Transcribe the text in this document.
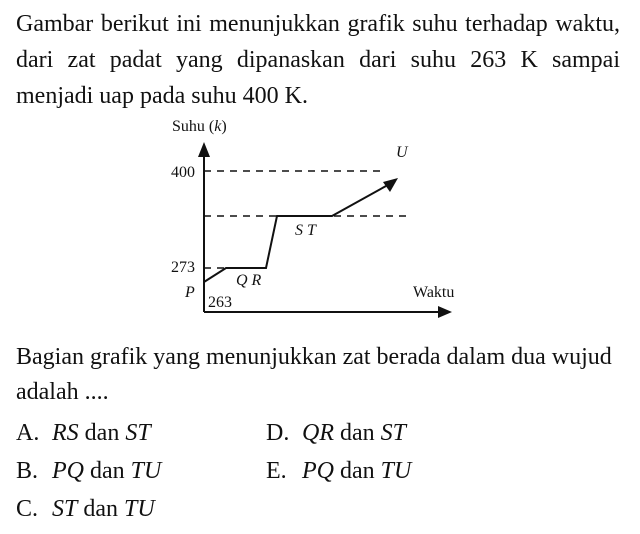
Gambar berikut ini menunjukkan grafik suhu terhadap waktu, dari zat padat yang dipanaskan dari suhu 263 K sampai menjadi uap pada suhu 400 K.
Suhu (k)
400
273
P
263
Q R
S T
U
Waktu
Bagian grafik yang menunjukkan zat berada dalam dua wujud adalah ....
A. RS dan ST
B. PQ dan TU
C. ST dan TU
D. QR dan ST
E. PQ dan TU
